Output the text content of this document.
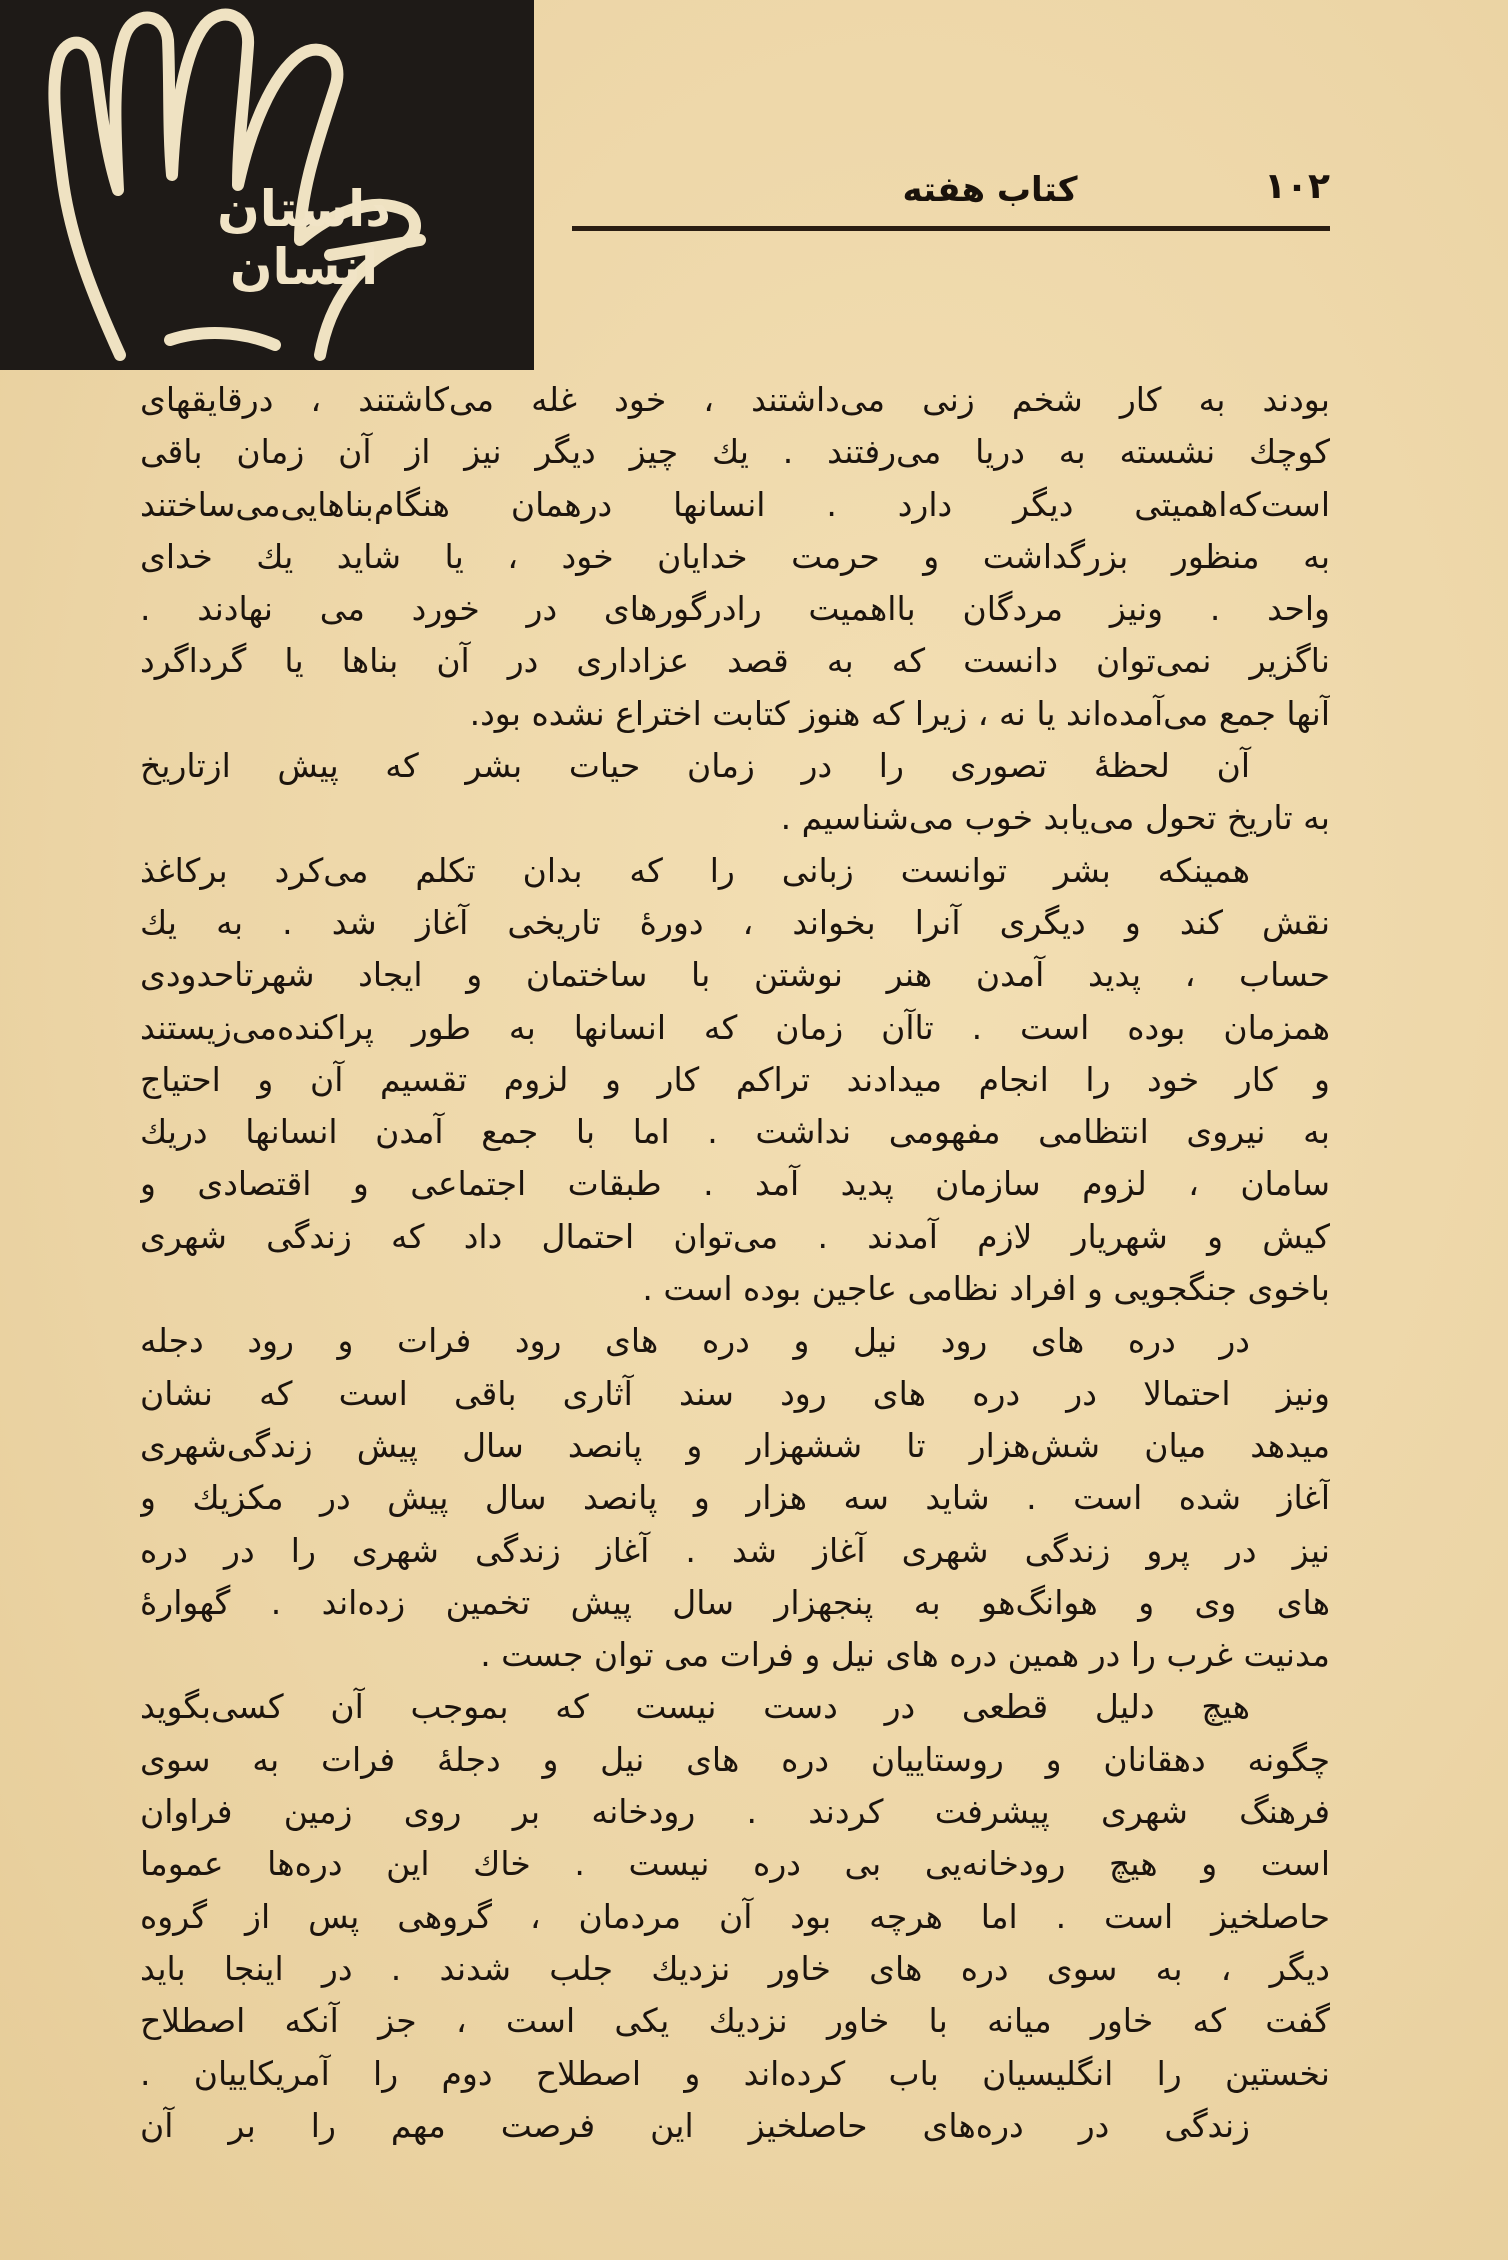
داستان
انسان
۱۰۲
کتاب هفته
بودند به کار شخم زنی می‌داشتند ، خود غله می‌کاشتند ، درقایقهای
کوچك نشسته به دریا می‌رفتند . یك چیز دیگر نیز از آن زمان باقی
است‌که‌اهمیتی دیگر دارد . انسانها درهمان هنگام‌بناهایی‌می‌ساختند
به منظور بزرگداشت و حرمت خدایان خود ، یا شاید یك خدای
واحد . ونیز مردگان بااهمیت رادرگورهای در خورد می نهادند .
ناگزیر نمی‌توان دانست که به قصد عزاداری در آن بناها یا گرداگرد
آنها جمع می‌آمده‌اند یا نه ، زیرا که هنوز کتابت اختراع نشده بود.
آن لحظهٔ تصوری را در زمان حیات بشر که پیش ازتاریخ
به تاریخ تحول می‌یابد خوب می‌شناسیم .
همینکه بشر توانست زبانی را که بدان تکلم می‌کرد برکاغذ
نقش کند و دیگری آنرا بخواند ، دورهٔ تاریخی آغاز شد . به یك
حساب ، پدید آمدن هنر نوشتن با ساختمان و ایجاد شهرتاحدودی
همزمان بوده است . تاآن زمان که انسانها به طور پراکنده‌می‌زیستند
و کار خود را انجام میدادند تراکم کار و لزوم تقسیم آن و احتیاج
به نیروی انتظامی مفهومی نداشت . اما با جمع آمدن انسانها دریك
سامان ، لزوم سازمان پدید آمد . طبقات اجتماعی و اقتصادی و
کیش و شهریار لازم آمدند . می‌توان احتمال داد که زندگی شهری
باخوی جنگجویی و افراد نظامی عاجین بوده است .
در دره های رود نیل و دره های رود فرات و رود دجله
ونیز احتمالا در دره های رود سند آثاری باقی است که نشان
میدهد میان شش‌هزار تا ششهزار و پانصد سال پیش زندگی‌شهری
آغاز شده است . شاید سه هزار و پانصد سال پیش در مکزیك و
نیز در پرو زندگی شهری آغاز شد . آغاز زندگی شهری را در دره‌
های وی و هوانگ‌هو به پنجهزار سال پیش تخمین زده‌اند . گهوارهٔ
مدنیت غرب را در همین دره های نیل و فرات می توان جست .
هیچ دلیل قطعی در دست نیست که بموجب آن کسی‌بگوید
چگونه دهقانان و روستاییان دره های نیل و دجلهٔ فرات به سوی
فرهنگ شهری پیشرفت کردند . رودخانه بر روی زمین فراوان
است و هیچ رودخانه‌یی بی دره نیست . خاك این دره‌ها عموما
حاصلخیز است . اما هرچه بود آن مردمان ، گروهی پس از گروه
دیگر ، به سوی دره های خاور نزدیك جلب شدند . در اینجا باید
گفت که خاور میانه با خاور نزدیك یکی است ، جز آنکه اصطلاح
نخستین را انگلیسیان باب کرده‌اند و اصطلاح دوم را آمریکاییان .
زندگی در دره‌های حاصلخیز این فرصت مهم را بر آن
